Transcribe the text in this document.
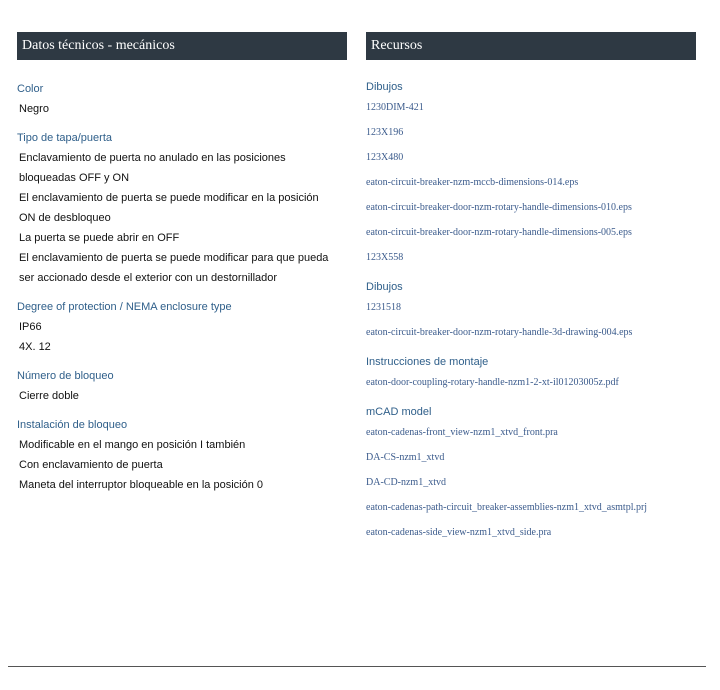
Datos técnicos - mecánicos
Color
Negro
Tipo de tapa/puerta
Enclavamiento de puerta no anulado en las posiciones
bloqueadas OFF y ON
El enclavamiento de puerta se puede modificar en la posición
ON de desbloqueo
La puerta se puede abrir en OFF
El enclavamiento de puerta se puede modificar para que pueda
ser accionado desde el exterior con un destornillador
Degree of protection / NEMA enclosure type
IP66
4X. 12
Número de bloqueo
Cierre doble
Instalación de bloqueo
Modificable en el mango en posición I también
Con enclavamiento de puerta
Maneta del interruptor bloqueable en la posición 0
Recursos
Dibujos
1230DIM-421
123X196
123X480
eaton-circuit-breaker-nzm-mccb-dimensions-014.eps
eaton-circuit-breaker-door-nzm-rotary-handle-dimensions-010.eps
eaton-circuit-breaker-door-nzm-rotary-handle-dimensions-005.eps
123X558
Dibujos
1231518
eaton-circuit-breaker-door-nzm-rotary-handle-3d-drawing-004.eps
Instrucciones de montaje
eaton-door-coupling-rotary-handle-nzm1-2-xt-il01203005z.pdf
mCAD model
eaton-cadenas-front_view-nzm1_xtvd_front.pra
DA-CS-nzm1_xtvd
DA-CD-nzm1_xtvd
eaton-cadenas-path-circuit_breaker-assemblies-nzm1_xtvd_asmtpl.prj
eaton-cadenas-side_view-nzm1_xtvd_side.pra
